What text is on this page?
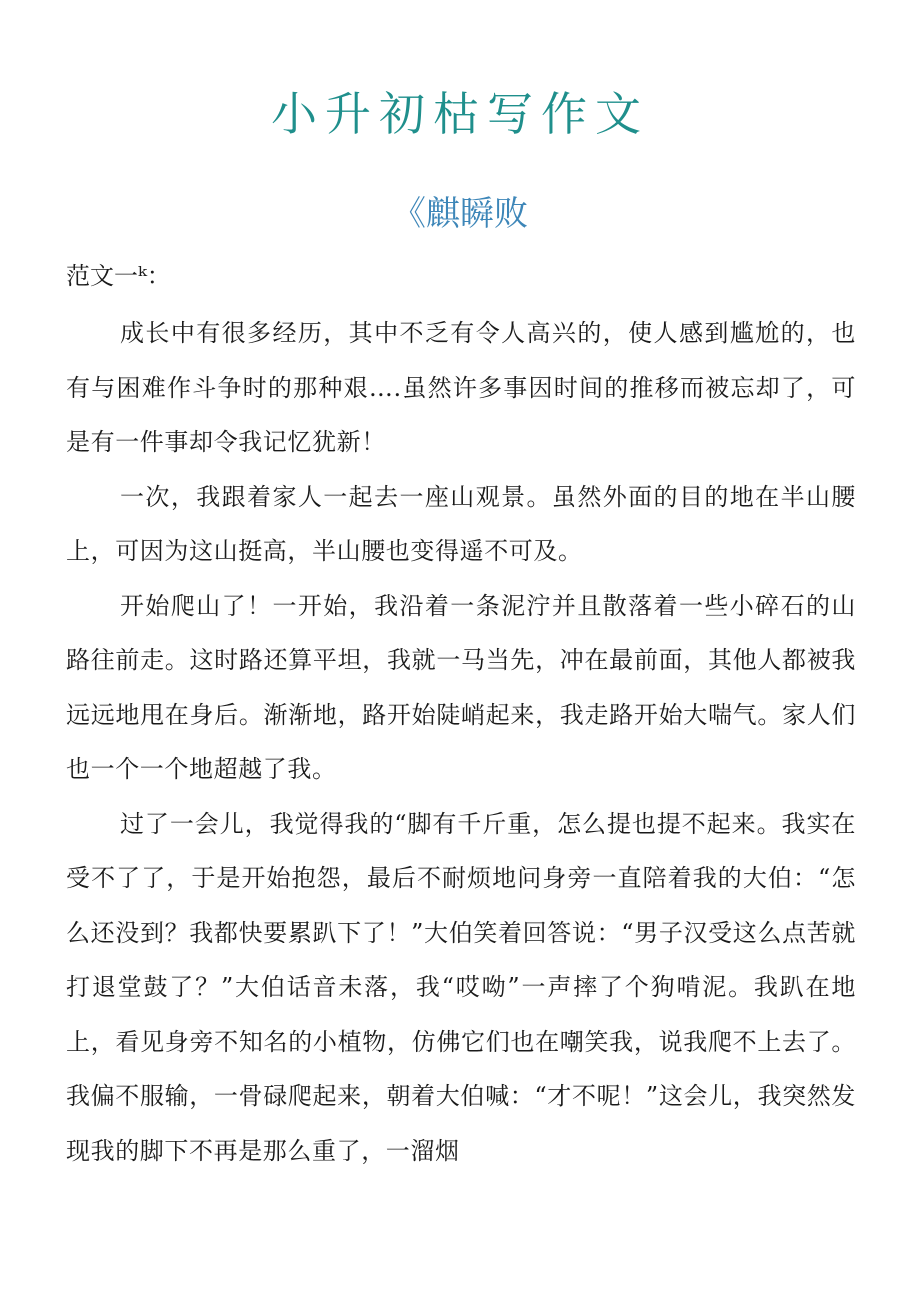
小升初枯写作文
《麒瞬败
范文一ᵏ：

成长中有很多经历，其中不乏有令人高兴的，使人感到尴尬的，也有与困难作斗争时的那种艰….虽然许多事因时间的推移而被忘却了，可是有一件事却令我记忆犹新！

一次，我跟着家人一起去一座山观景。虽然外面的目的地在半山腰上，可因为这山挺高，半山腰也变得遥不可及。

开始爬山了！一开始，我沿着一条泥泞并且散落着一些小碎石的山路往前走。这时路还算平坦，我就一马当先，冲在最前面，其他人都被我远远地甩在身后。渐渐地，路开始陡峭起来，我走路开始大喘气。家人们也一个一个地超越了我。

过了一会儿，我觉得我的“脚有千斤重，怎么提也提不起来。我实在受不了了，于是开始抱怨，最后不耐烦地问身旁一直陪着我的大伯：“怎么还没到？我都快要累趴下了！”大伯笑着回答说：“男子汉受这么点苦就打退堂鼓了？”大伯话音未落，我“哎呦”一声摔了个狗啃泥。我趴在地上，看见身旁不知名的小植物，仿佛它们也在嘲笑我，说我爬不上去了。我偏不服输，一骨碌爬起来，朝着大伯喊：“才不呢！”这会儿，我突然发现我的脚下不再是那么重了，一溜烟
